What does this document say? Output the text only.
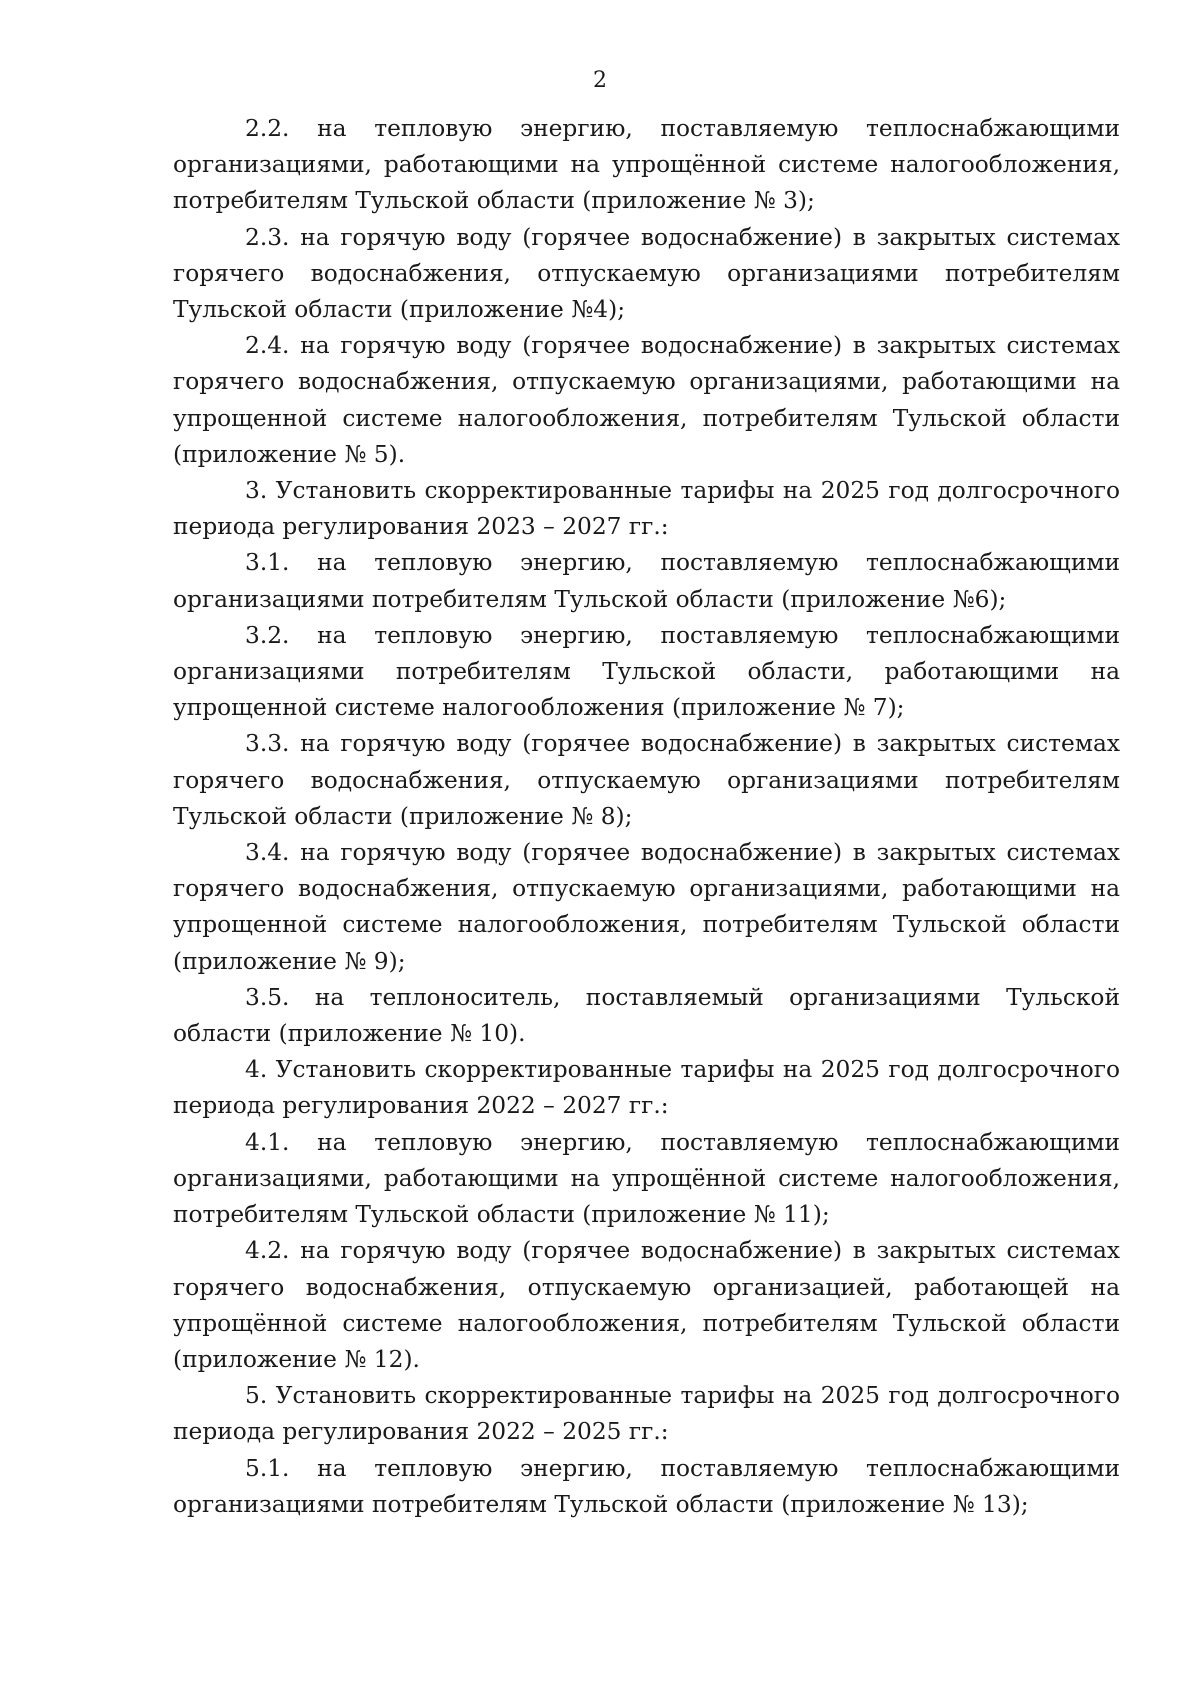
2

2.2. на тепловую энергию, поставляемую теплоснабжающими организациями, работающими на упрощённой системе налогообложения, потребителям Тульской области (приложение № 3);

2.3. на горячую воду (горячее водоснабжение) в закрытых системах горячего водоснабжения, отпускаемую организациями потребителям Тульской области (приложение №4);

2.4. на горячую воду (горячее водоснабжение) в закрытых системах горячего водоснабжения, отпускаемую организациями, работающими на упрощенной системе налогообложения, потребителям Тульской области (приложение № 5).

3. Установить скорректированные тарифы на 2025 год долгосрочного периода регулирования 2023 – 2027 гг.:

3.1. на тепловую энергию, поставляемую теплоснабжающими организациями потребителям Тульской области (приложение №6);

3.2. на тепловую энергию, поставляемую теплоснабжающими организациями потребителям Тульской области, работающими на упрощенной системе налогообложения (приложение № 7);

3.3. на горячую воду (горячее водоснабжение) в закрытых системах горячего водоснабжения, отпускаемую организациями потребителям Тульской области (приложение № 8);

3.4. на горячую воду (горячее водоснабжение) в закрытых системах горячего водоснабжения, отпускаемую организациями, работающими на упрощенной системе налогообложения, потребителям Тульской области (приложение № 9);

3.5. на теплоноситель, поставляемый организациями Тульской области (приложение № 10).

4. Установить скорректированные тарифы на 2025 год долгосрочного периода регулирования 2022 – 2027 гг.:

4.1. на тепловую энергию, поставляемую теплоснабжающими организациями, работающими на упрощённой системе налогообложения, потребителям Тульской области (приложение № 11);

4.2. на горячую воду (горячее водоснабжение) в закрытых системах горячего водоснабжения, отпускаемую организацией, работающей на упрощённой системе налогообложения, потребителям Тульской области (приложение № 12).

5. Установить скорректированные тарифы на 2025 год долгосрочного периода регулирования 2022 – 2025 гг.:

5.1. на тепловую энергию, поставляемую теплоснабжающими организациями потребителям Тульской области (приложение № 13);
